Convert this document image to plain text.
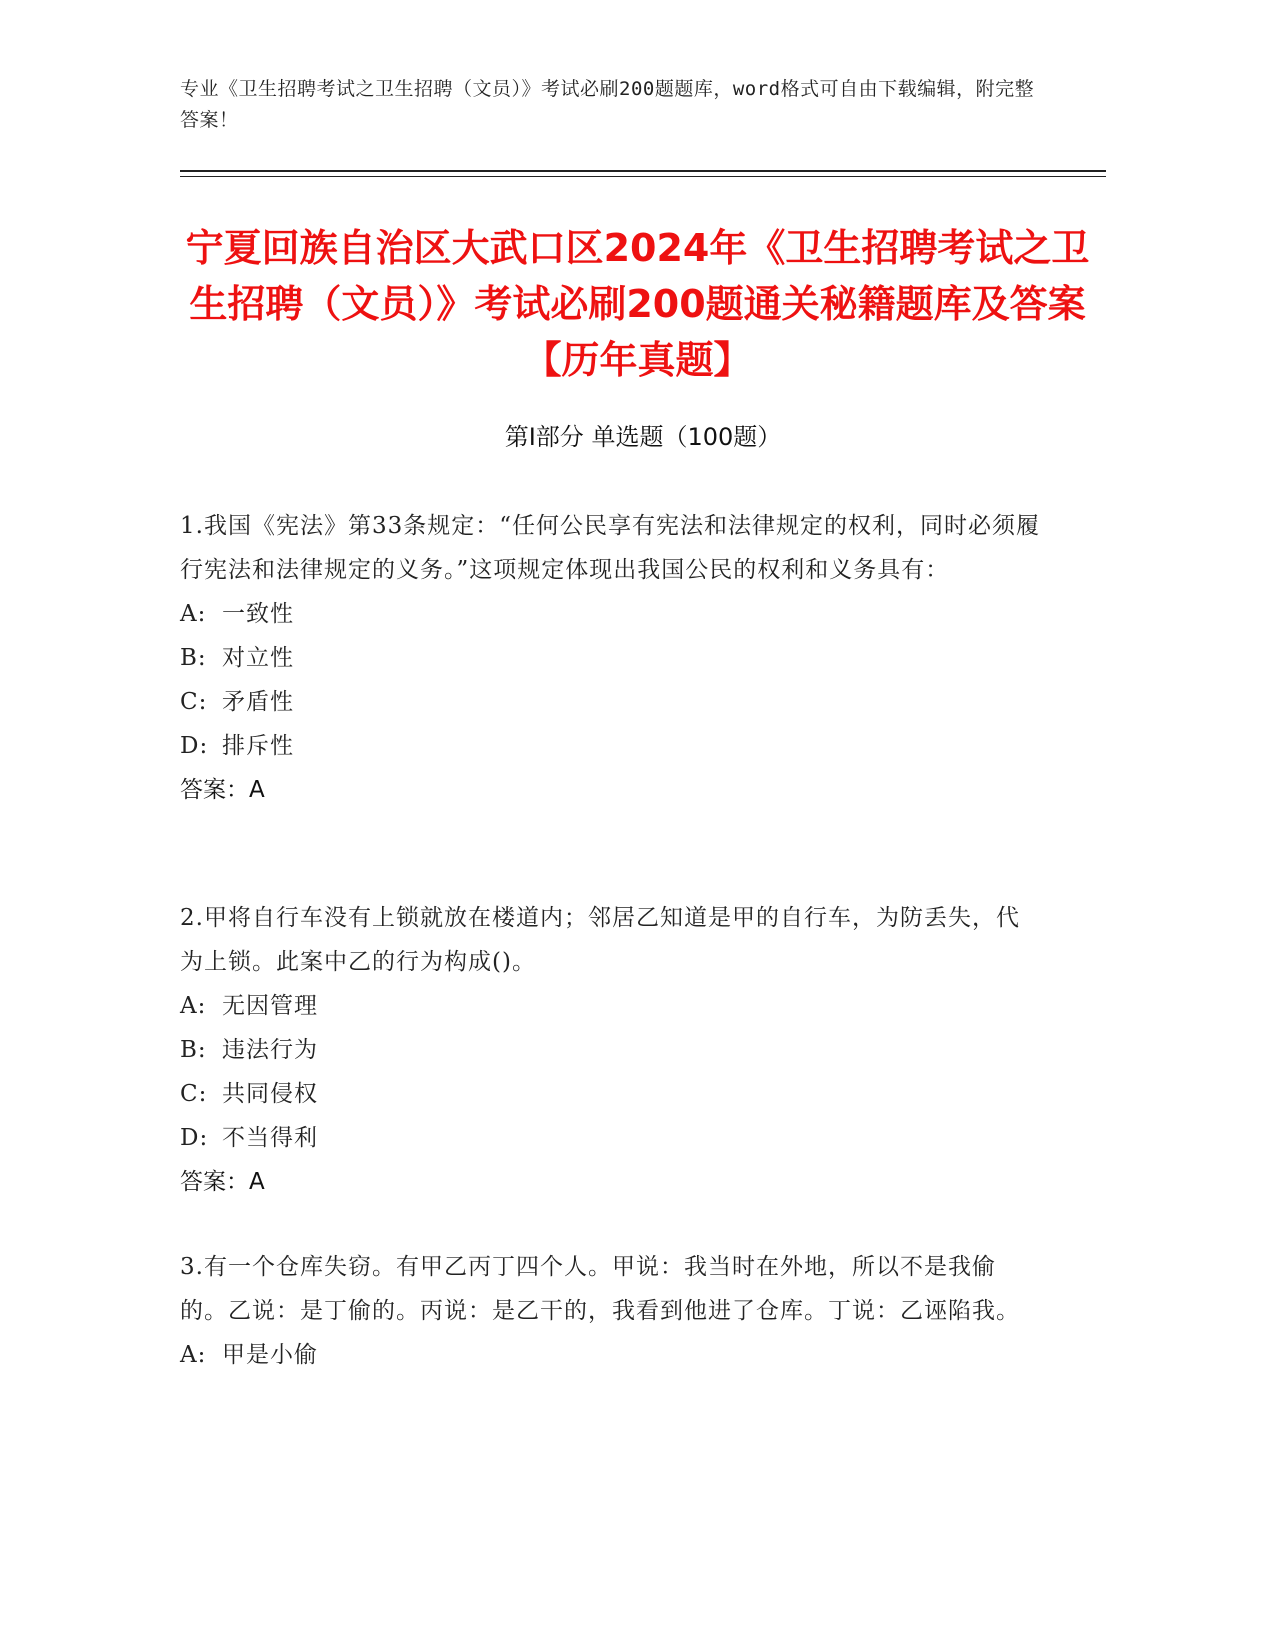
专业《卫生招聘考试之卫生招聘（文员）》考试必刷200题题库，word格式可自由下载编辑，附完整答案！
宁夏回族自治区大武口区2024年《卫生招聘考试之卫生招聘（文员）》考试必刷200题通关秘籍题库及答案【历年真题】
第I部分 单选题（100题）
1.我国《宪法》第33条规定：“任何公民享有宪法和法律规定的权利，同时必须履行宪法和法律规定的义务。”这项规定体现出我国公民的权利和义务具有：
A: 一致性
B: 对立性
C: 矛盾性
D: 排斥性
答案：A
2.甲将自行车没有上锁就放在楼道内；邻居乙知道是甲的自行车，为防丢失，代为上锁。此案中乙的行为构成()。
A: 无因管理
B: 违法行为
C: 共同侵权
D: 不当得利
答案：A
3.有一个仓库失窃。有甲乙丙丁四个人。甲说：我当时在外地，所以不是我偷的。乙说：是丁偷的。丙说：是乙干的，我看到他进了仓库。丁说：乙诬陷我。
A: 甲是小偷
